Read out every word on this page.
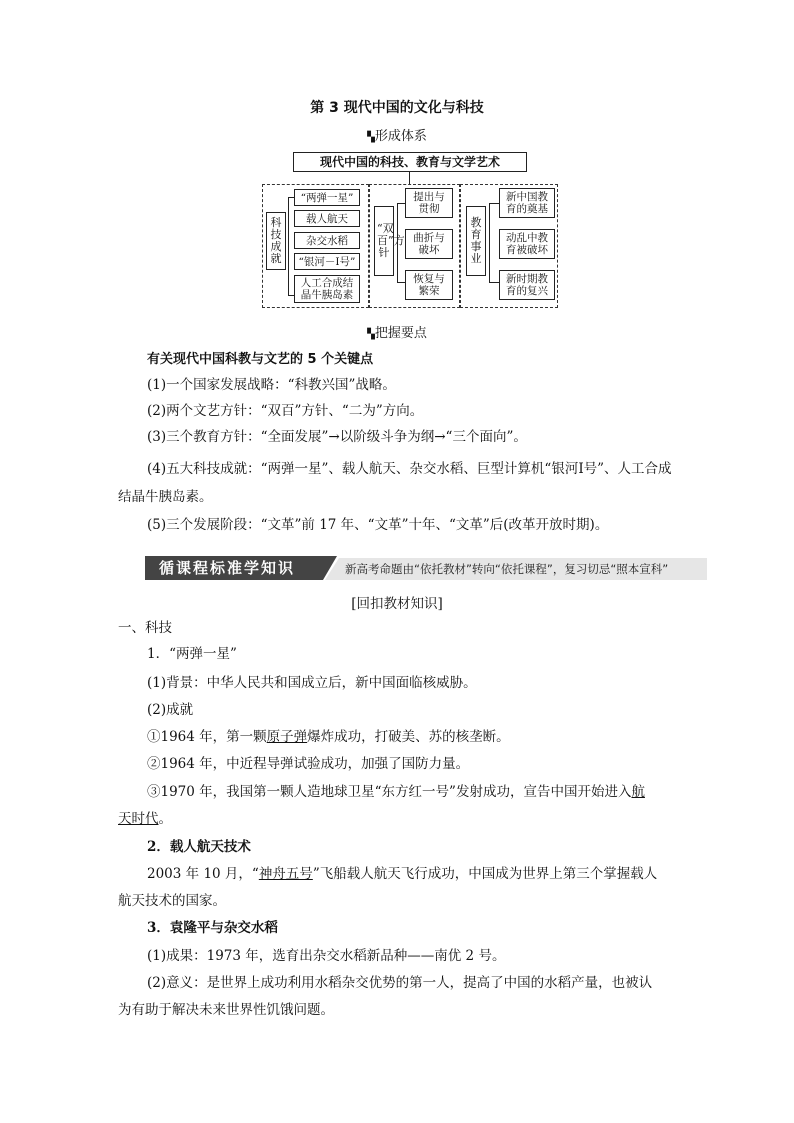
第 3 现代中国的文化与科技
▚形成体系
现代中国的科技、教育与文学艺术
科技成就
“两弹一星”
载人航天
杂交水稻
“银河－Ⅰ号”
人工合成结晶牛胰岛素
“双百”方针
提出与贯彻
曲折与破坏
恢复与繁荣
教育事业
新中国教育的奠基
动乱中教育被破坏
新时期教育的复兴
▚把握要点
有关现代中国科教与文艺的 5 个关键点
(1)一个国家发展战略：“科教兴国”战略。
(2)两个文艺方针：“双百”方针、“二为”方向。
(3)三个教育方针：“全面发展”→以阶级斗争为纲→“三个面向”。
(4)五大科技成就：“两弹一星”、载人航天、杂交水稻、巨型计算机“银河Ⅰ号”、人工合成结晶牛胰岛素。
(5)三个发展阶段：“文革”前 17 年、“文革”十年、“文革”后(改革开放时期)。
循课程标准学知识	新高考命题由“依托教材”转向“依托课程”，复习切忌“照本宣科”
[回扣教材知识]
一、科技
1．“两弹一星”
(1)背景：中华人民共和国成立后，新中国面临核威胁。
(2)成就
①1964 年，第一颗原子弹爆炸成功，打破美、苏的核垄断。
②1964 年，中近程导弹试验成功，加强了国防力量。
③1970 年，我国第一颗人造地球卫星“东方红一号”发射成功，宣告中国开始进入航
天时代。
2．载人航天技术
2003 年 10 月，“神舟五号”飞船载人航天飞行成功，中国成为世界上第三个掌握载人
航天技术的国家。
3．袁隆平与杂交水稻
(1)成果：1973 年，选育出杂交水稻新品种——南优 2 号。
(2)意义：是世界上成功利用水稻杂交优势的第一人，提高了中国的水稻产量，也被认
为有助于解决未来世界性饥饿问题。
